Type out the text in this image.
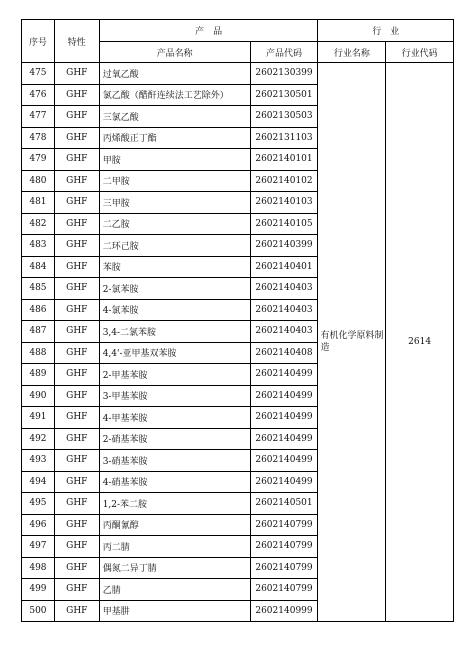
序号	特性	产　品		行　业	
		产品名称	产品代码	行业名称	行业代码
475	GHF	过氧乙酸	2602130399	有机化学原料制造	2614
476	GHF	氯乙酸（醋酐连续法工艺除外）	2602130501		
477	GHF	三氯乙酸	2602130503		
478	GHF	丙烯酸正丁酯	2602131103		
479	GHF	甲胺	2602140101		
480	GHF	二甲胺	2602140102		
481	GHF	三甲胺	2602140103		
482	GHF	二乙胺	2602140105		
483	GHF	二环己胺	2602140399		
484	GHF	苯胺	2602140401		
485	GHF	2-氯苯胺	2602140403		
486	GHF	4-氯苯胺	2602140403		
487	GHF	3,4-二氯苯胺	2602140403		
488	GHF	4,4'-亚甲基双苯胺	2602140408		
489	GHF	2-甲基苯胺	2602140499		
490	GHF	3-甲基苯胺	2602140499		
491	GHF	4-甲基苯胺	2602140499		
492	GHF	2-硝基苯胺	2602140499		
493	GHF	3-硝基苯胺	2602140499		
494	GHF	4-硝基苯胺	2602140499		
495	GHF	1,2-苯二胺	2602140501		
496	GHF	丙酮氰醇	2602140799		
497	GHF	丙二腈	2602140799		
498	GHF	偶氮二异丁腈	2602140799		
499	GHF	乙腈	2602140799		
500	GHF	甲基肼	2602140999		
